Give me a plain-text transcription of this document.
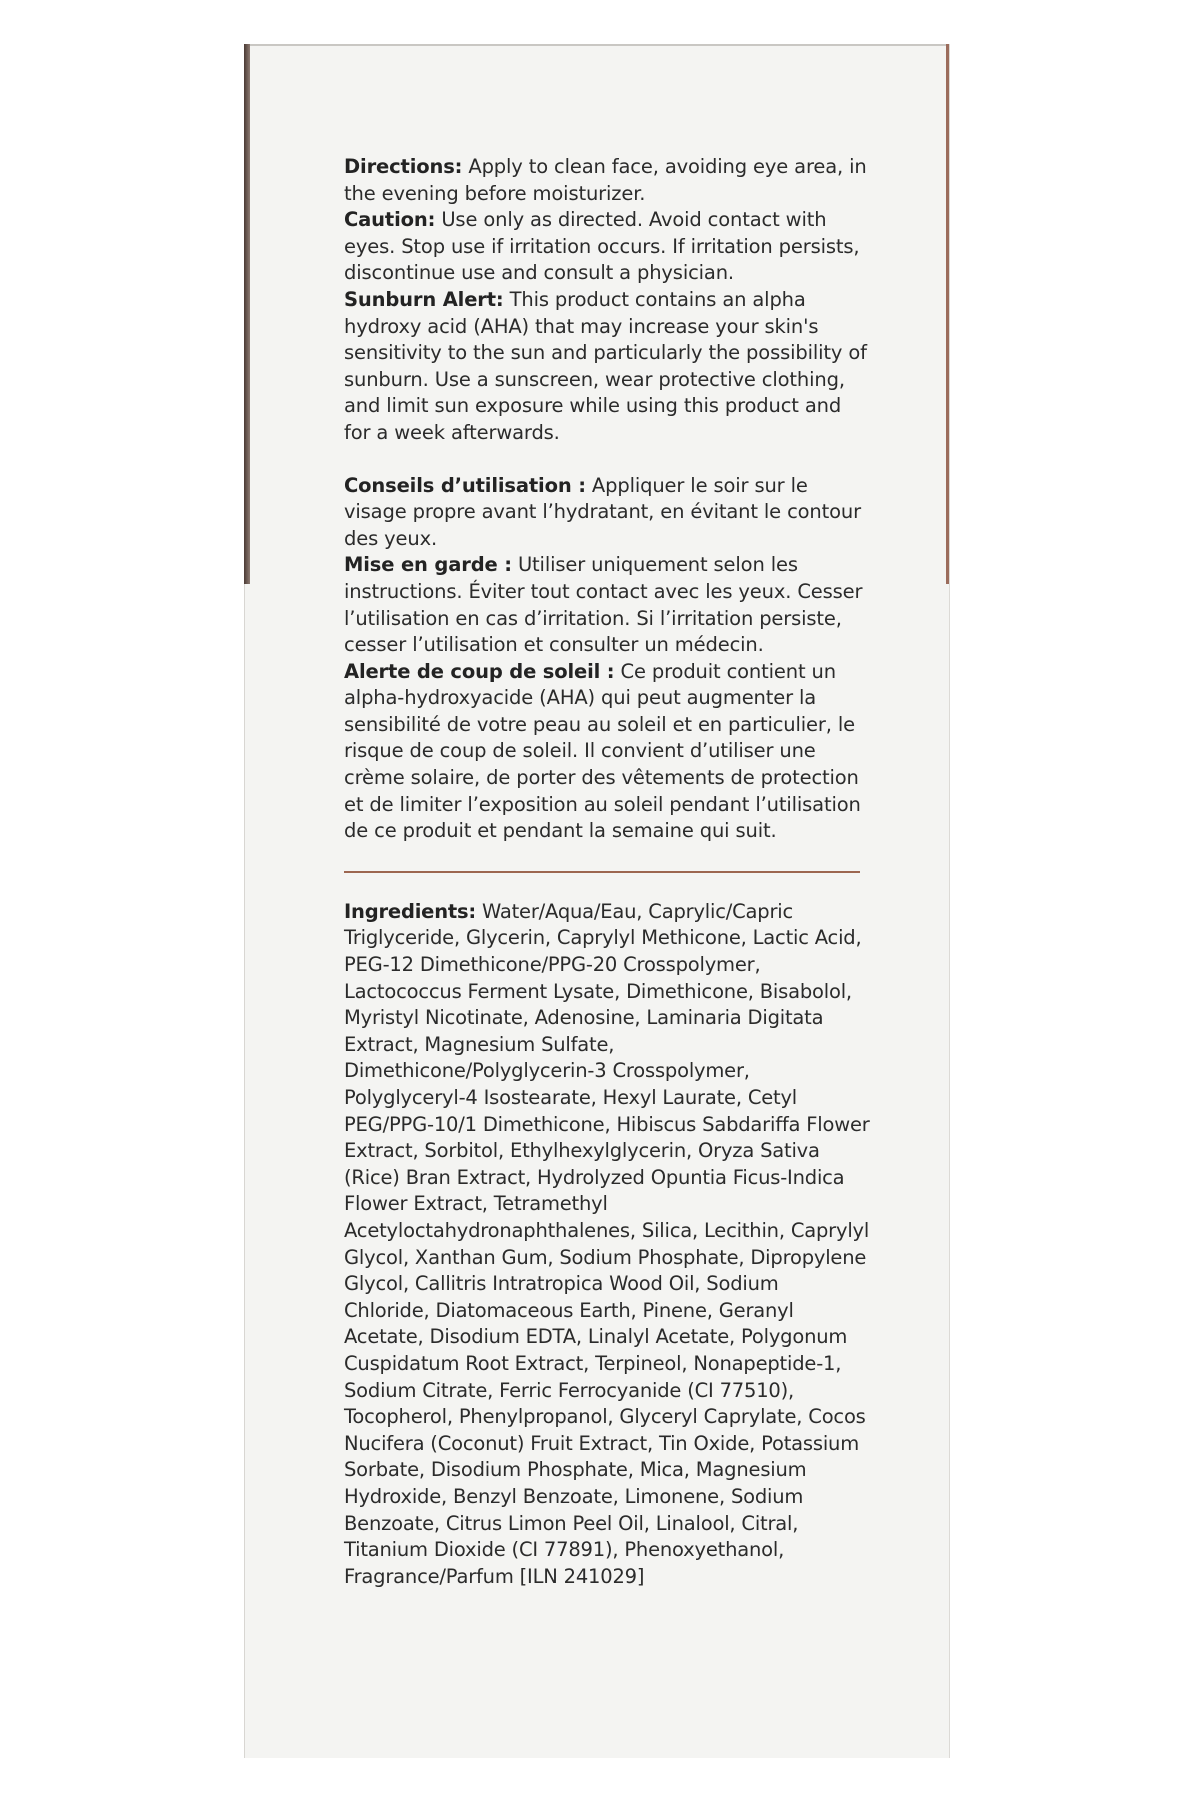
Directions: Apply to clean face, avoiding eye area, in the evening before moisturizer.

Caution: Use only as directed. Avoid contact with eyes. Stop use if irritation occurs. If irritation persists, discontinue use and consult a physician.

Sunburn Alert: This product contains an alpha hydroxy acid (AHA) that may increase your skin's sensitivity to the sun and particularly the possibility of sunburn. Use a sunscreen, wear protective clothing, and limit sun exposure while using this product and for a week afterwards.

Conseils d’utilisation : Appliquer le soir sur le visage propre avant l’hydratant, en évitant le contour des yeux.

Mise en garde : Utiliser uniquement selon les instructions. Éviter tout contact avec les yeux. Cesser l’utilisation en cas d’irritation. Si l’irritation persiste, cesser l’utilisation et consulter un médecin.

Alerte de coup de soleil : Ce produit contient un alpha-hydroxyacide (AHA) qui peut augmenter la sensibilité de votre peau au soleil et en particulier, le risque de coup de soleil. Il convient d’utiliser une crème solaire, de porter des vêtements de protection et de limiter l’exposition au soleil pendant l’utilisation de ce produit et pendant la semaine qui suit.

Ingredients: Water/Aqua/Eau, Caprylic/Capric Triglyceride, Glycerin, Caprylyl Methicone, Lactic Acid, PEG-12 Dimethicone/PPG-20 Crosspolymer, Lactococcus Ferment Lysate, Dimethicone, Bisabolol, Myristyl Nicotinate, Adenosine, Laminaria Digitata Extract, Magnesium Sulfate, Dimethicone/Polyglycerin-3 Crosspolymer, Polyglyceryl-4 Isostearate, Hexyl Laurate, Cetyl PEG/PPG-10/1 Dimethicone, Hibiscus Sabdariffa Flower Extract, Sorbitol, Ethylhexylglycerin, Oryza Sativa (Rice) Bran Extract, Hydrolyzed Opuntia Ficus-Indica Flower Extract, Tetramethyl Acetyloctahydronaphthalenes, Silica, Lecithin, Caprylyl Glycol, Xanthan Gum, Sodium Phosphate, Dipropylene Glycol, Callitris Intratropica Wood Oil, Sodium Chloride, Diatomaceous Earth, Pinene, Geranyl Acetate, Disodium EDTA, Linalyl Acetate, Polygonum Cuspidatum Root Extract, Terpineol, Nonapeptide-1, Sodium Citrate, Ferric Ferrocyanide (CI 77510), Tocopherol, Phenylpropanol, Glyceryl Caprylate, Cocos Nucifera (Coconut) Fruit Extract, Tin Oxide, Potassium Sorbate, Disodium Phosphate, Mica, Magnesium Hydroxide, Benzyl Benzoate, Limonene, Sodium Benzoate, Citrus Limon Peel Oil, Linalool, Citral, Titanium Dioxide (CI 77891), Phenoxyethanol, Fragrance/Parfum [ILN 241029]
